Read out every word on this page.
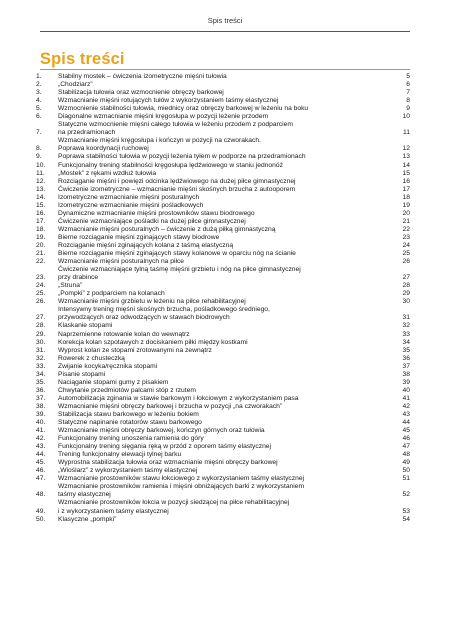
Spis treści
Spis treści
1.	Stabilny mostek – ćwiczenia izometryczne mięśni tułowia	5
2.	„Chodziarz”	6
3.	Stabilizacja tułowia oraz wzmocnienie obręczy barkowej	7
4.	Wzmacnianie mięśni rotujących tułów z wykorzystaniem taśmy elastycznej	8
5.	Wzmocnienie stabilności tułowia, miednicy oraz obręczy barkowej w leżeniu na boku	9
6.	Diagonalne wzmacnianie mięśni kręgosłupa w pozycji leżenie przodem	10
7.
Statyczne wzmocnienie mięśni całego tułowia w leżeniu przodem z podparciem
na przedramionach	11
8.
Wzmacnianie mięśni kręgosłupa i kończyn w pozycji na czworakach.
Poprawa koordynacji ruchowej	12
9.	Poprawa stabilności tułowia w pozycji leżenia tyłem w podporze na przedramionach	13
10.	Funkcjonalny trening stabilności kręgosłupa lędźwiowego w staniu jednonóż	14
11.	„Mostek” z rękami wzdłuż tułowia	15
12.	Rozciąganie mięśni i powięzi odcinka lędźwiowego na dużej piłce gimnastycznej	16
13.	Ćwiczenie izometryczne – wzmacnianie mięśni skośnych brzucha z autooporem	17
14.	Izometryczne wzmacnianie mięśni posturalnych	18
15.	Izometryczne wzmacnianie mięśni pośladkowych	19
16.	Dynamiczne wzmacnianie mięśni prostowników stawu biodrowego	20
17.	Ćwiczenie wzmacniające pośladki na dużej piłce gimnastycznej	21
18.	Wzmacnianie mięśni posturalnych – ćwiczenie z dużą piłką gimnastyczną	22
19.	Bierne rozciąganie mięśni zginających stawy biodrowe	23
20.	Rozciąganie mięśni zginających kolana z taśmą elastyczną	24
21.	Bierne rozciąganie mięśni zginających stawy kolanowe w oparciu nóg na ścianie	25
22.	Wzmacnianie mięśni posturalnych na piłce	26
23.
Ćwiczenie wzmacniające tylną taśmę mięśni grzbietu i nóg na piłce gimnastycznej
przy drabince	27
24.	„Struna”	28
25.	„Pompki” z podparciem na kolanach	29
26.	Wzmacnianie mięśni grzbietu w leżeniu na piłce rehabilitacyjnej	30
27.
Intensywny trening mięśni skośnych brzucha, pośladkowego średniego,
przywodzących oraz odwodzących w stawach biodrowych	31
28.	Klaskanie stopami	32
29.	Naprzemienne rotowanie kolan do wewnątrz	33
30.	Korekcja kolan szpotawych z dociskaniem piłki między kostkami	34
31.	Wyprost kolan ze stopami zrotowanymi na zewnątrz	35
32.	Rowerek z chusteczką	36
33.	Zwijanie kocyka/ręcznika stopami	37
34.	Pisanie stopami	38
35.	Naciąganie stopami gumy z pisakiem	39
36.	Chwytanie przedmiotów palcami stóp z rzutem	40
37.	Automobilizacja zginania w stawie barkowym i łokciowym z wykorzystaniem pasa	41
38.	Wzmacnianie mięśni obręczy barkowej i brzucha w pozycji „na czworakach”	42
39.	Stabilizacja stawu barkowego w leżeniu bokiem	43
40.	Statyczne napinanie rotatorów stawu barkowego	44
41.	Wzmacnianie mięśni obręczy barkowej, kończyn górnych oraz tułowia	45
42.	Funkcjonalny trening unoszenia ramienia do góry	46
43.	Funkcjonalny trening sięgania ręką w przód z oporem taśmy elastycznej	47
44.	Trening funkcjonalny elewacji tylnej barku	48
45.	Wyprostna stabilizacja tułowia oraz wzmacnianie mięśni obręczy barkowej	49
46.	„Wioślarz” z wykorzystaniem taśmy elastycznej	50
47.	Wzmacnianie prostowników stawu łokciowego z wykorzystaniem taśmy elastycznej	51
48.
Wzmacnianie prostowników ramienia i mięśni obniżających barki z wykorzystaniem
taśmy elastycznej	52
49.
Wzmacnianie prostowników łokcia w pozycji siedzącej na piłce rehabilitacyjnej
i z wykorzystaniem taśmy elastycznej	53
50.	Klasyczne „pompki”	54
